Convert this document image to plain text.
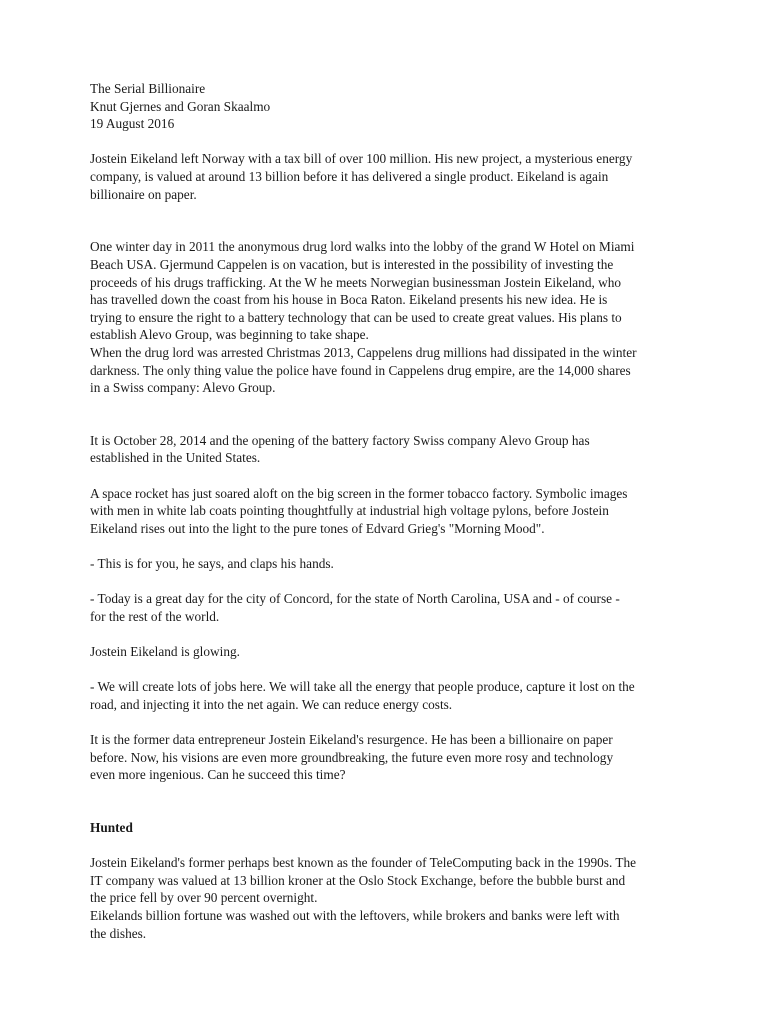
The Serial Billionaire
Knut Gjernes and Goran Skaalmo
19 August 2016
Jostein Eikeland left Norway with a tax bill of over 100 million. His new project, a mysterious energy
company, is valued at around 13 billion before it has delivered a single product. Eikeland is again
billionaire on paper.
One winter day in 2011 the anonymous drug lord walks into the lobby of the grand W Hotel on Miami
Beach USA. Gjermund Cappelen is on vacation, but is interested in the possibility of investing the
proceeds of his drugs trafficking. At the W he meets Norwegian businessman Jostein Eikeland, who
has travelled down the coast from his house in Boca Raton. Eikeland presents his new idea. He is
trying to ensure the right to a battery technology that can be used to create great values. His plans to
establish Alevo Group, was beginning to take shape.
When the drug lord was arrested Christmas 2013, Cappelens drug millions had dissipated in the winter
darkness. The only thing value the police have found in Cappelens drug empire, are the 14,000 shares
in a Swiss company: Alevo Group.
It is October 28, 2014 and the opening of the battery factory Swiss company Alevo Group has
established in the United States.
A space rocket has just soared aloft on the big screen in the former tobacco factory. Symbolic images
with men in white lab coats pointing thoughtfully at industrial high voltage pylons, before Jostein
Eikeland rises out into the light to the pure tones of Edvard Grieg's "Morning Mood".
- This is for you, he says, and claps his hands.
- Today is a great day for the city of Concord, for the state of North Carolina, USA and - of course -
for the rest of the world.
Jostein Eikeland is glowing.
- We will create lots of jobs here. We will take all the energy that people produce, capture it lost on the
road, and injecting it into the net again. We can reduce energy costs.
It is the former data entrepreneur Jostein Eikeland's resurgence. He has been a billionaire on paper
before. Now, his visions are even more groundbreaking, the future even more rosy and technology
even more ingenious. Can he succeed this time?
Hunted
Jostein Eikeland's former perhaps best known as the founder of TeleComputing back in the 1990s. The
IT company was valued at 13 billion kroner at the Oslo Stock Exchange, before the bubble burst and
the price fell by over 90 percent overnight.
Eikelands billion fortune was washed out with the leftovers, while brokers and banks were left with
the dishes.
